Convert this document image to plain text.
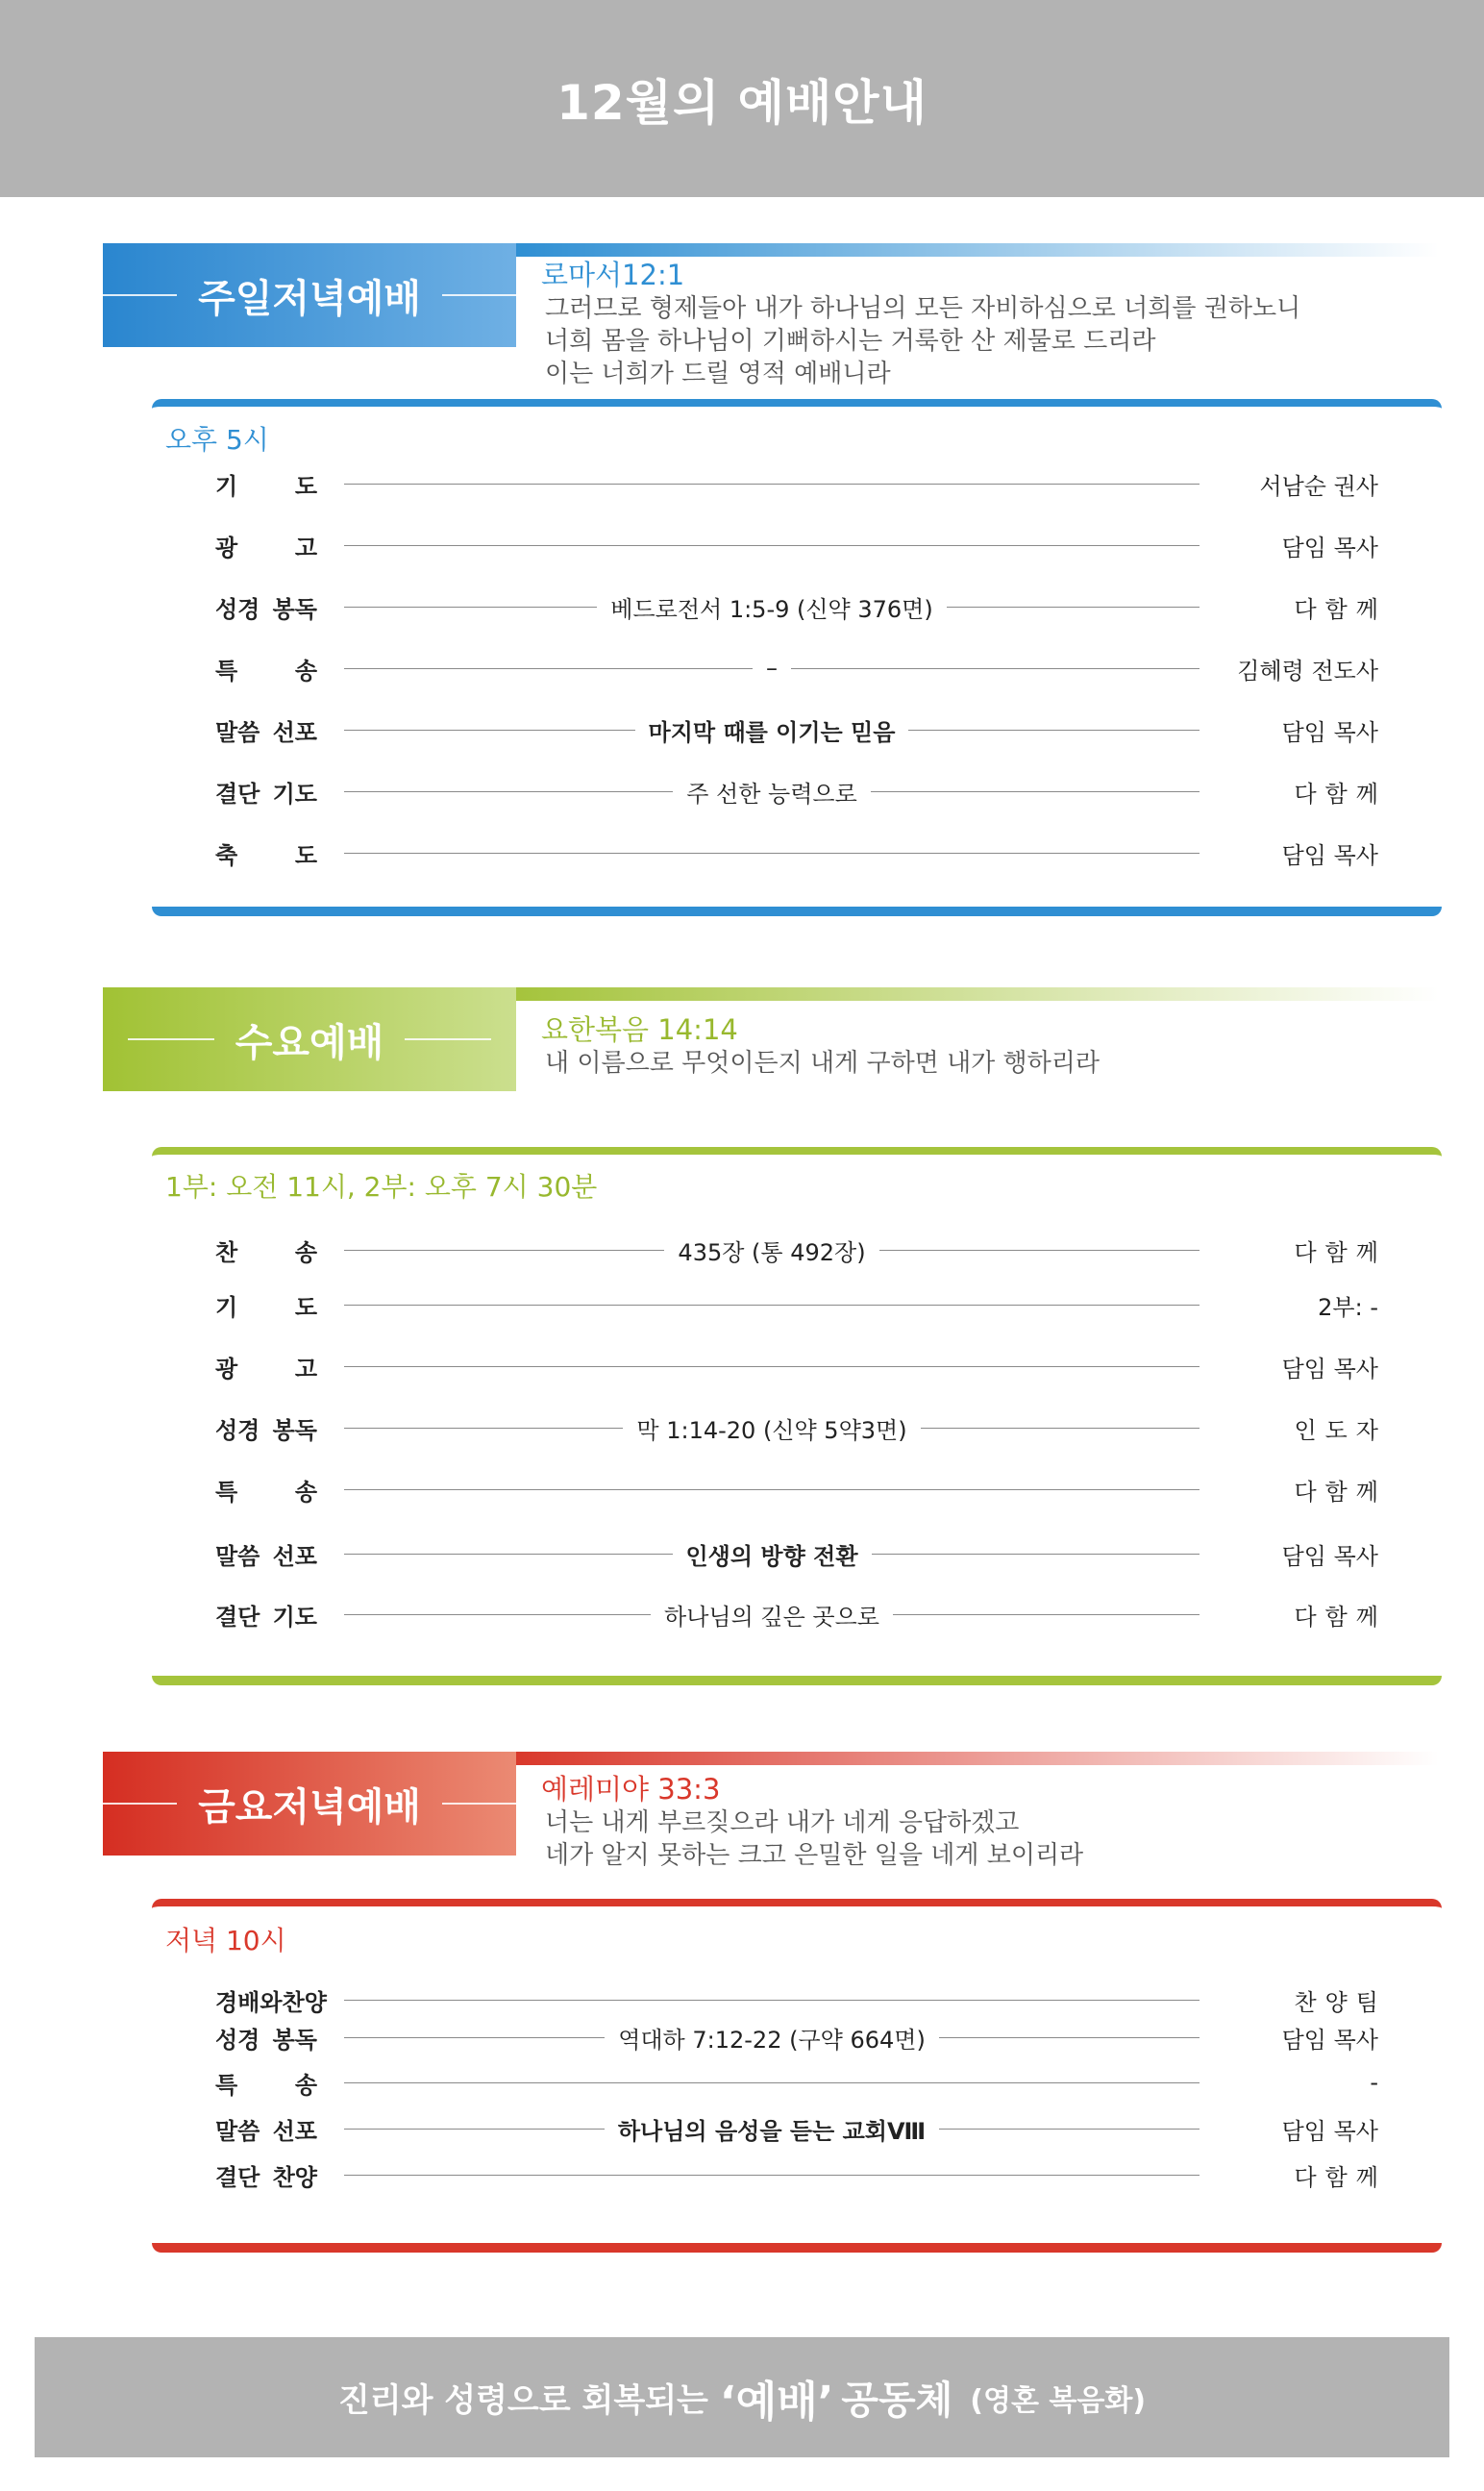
12월의 예배안내
주일저녁예배
로마서12:1
그러므로 형제들아 내가 하나님의 모든 자비하심으로 너희를 권하노니
너희 몸을 하나님이 기뻐하시는 거룩한 산 제물로 드리라
이는 너희가 드릴 영적 예배니라
오후 5시
기 도	서남순 권사
광 고	담임 목사
성경 봉독	베드로전서 1:5-9 (신약 376면)	다함께
특 송	–	김혜령 전도사
말씀 선포	마지막 때를 이기는 믿음	담임 목사
결단 기도	주 선한 능력으로	다함께
축 도	담임 목사
수요예배	요한복음 14:14
내 이름으로 무엇이든지 내게 구하면 내가 행하리라
1부: 오전 11시, 2부: 오후 7시 30분
찬 송	435장 (통 492장)	다함께
기 도	2부: -
광 고	담임 목사
성경 봉독	막 1:14-20 (신약 5약3면)	인도자
특 송	다함께
말씀 선포	인생의 방향 전환	담임 목사
결단 기도	하나님의 깊은 곳으로	다함께
금요저녁예배	예레미야 33:3
너는 내게 부르짖으라 내가 네게 응답하겠고
네가 알지 못하는 크고 은밀한 일을 네게 보이리라
저녁 10시
경배와찬양	찬양팀
성경 봉독	역대하 7:12-22 (구약 664면)	담임 목사
특 송	-
말씀 선포	하나님의 음성을 듣는 교회Ⅷ	담임 목사
결단 찬양	다함께
진리와 성령으로 회복되는 ‘예배’ 공동체 (영혼 복음화)
